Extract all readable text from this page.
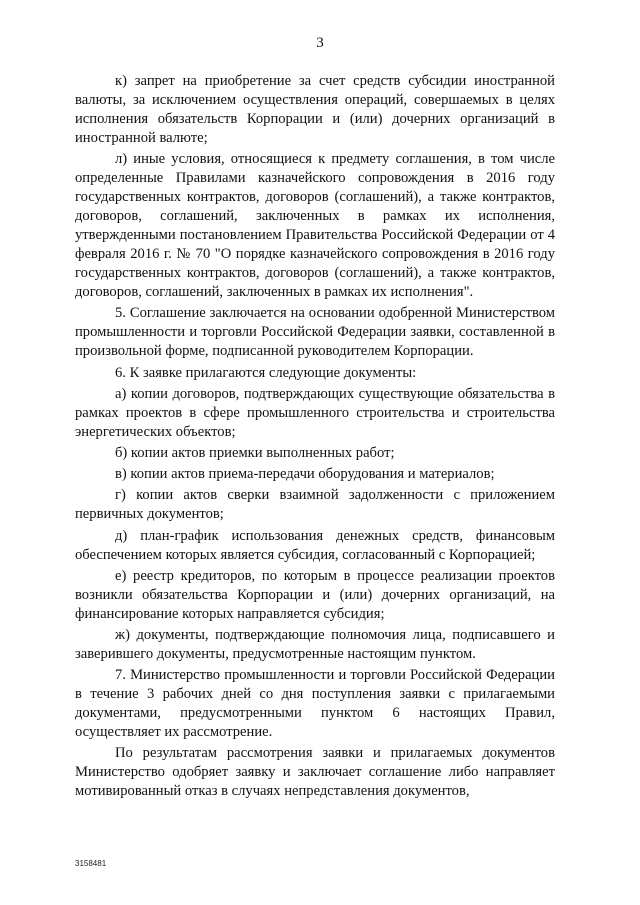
3

к) запрет на приобретение за счет средств субсидии иностранной валюты, за исключением осуществления операций, совершаемых в целях исполнения обязательств Корпорации и (или) дочерних организаций в иностранной валюте;

л) иные условия, относящиеся к предмету соглашения, в том числе определенные Правилами казначейского сопровождения в 2016 году государственных контрактов, договоров (соглашений), а также контрактов, договоров, соглашений, заключенных в рамках их исполнения, утвержденными постановлением Правительства Российской Федерации от 4 февраля 2016 г. № 70 "О порядке казначейского сопровождения в 2016 году государственных контрактов, договоров (соглашений), а также контрактов, договоров, соглашений, заключенных в рамках их исполнения".

5. Соглашение заключается на основании одобренной Министерством промышленности и торговли Российской Федерации заявки, составленной в произвольной форме, подписанной руководителем Корпорации.

6. К заявке прилагаются следующие документы:

а) копии договоров, подтверждающих существующие обязательства в рамках проектов в сфере промышленного строительства и строительства энергетических объектов;

б) копии актов приемки выполненных работ;

в) копии актов приема-передачи оборудования и материалов;

г) копии актов сверки взаимной задолженности с приложением первичных документов;

д) план-график использования денежных средств, финансовым обеспечением которых является субсидия, согласованный с Корпорацией;

е) реестр кредиторов, по которым в процессе реализации проектов возникли обязательства Корпорации и (или) дочерних организаций, на финансирование которых направляется субсидия;

ж) документы, подтверждающие полномочия лица, подписавшего и заверившего документы, предусмотренные настоящим пунктом.

7. Министерство промышленности и торговли Российской Федерации в течение 3 рабочих дней со дня поступления заявки с прилагаемыми документами, предусмотренными пунктом 6 настоящих Правил, осуществляет их рассмотрение.

По результатам рассмотрения заявки и прилагаемых документов Министерство одобряет заявку и заключает соглашение либо направляет мотивированный отказ в случаях непредставления документов,

3158481
